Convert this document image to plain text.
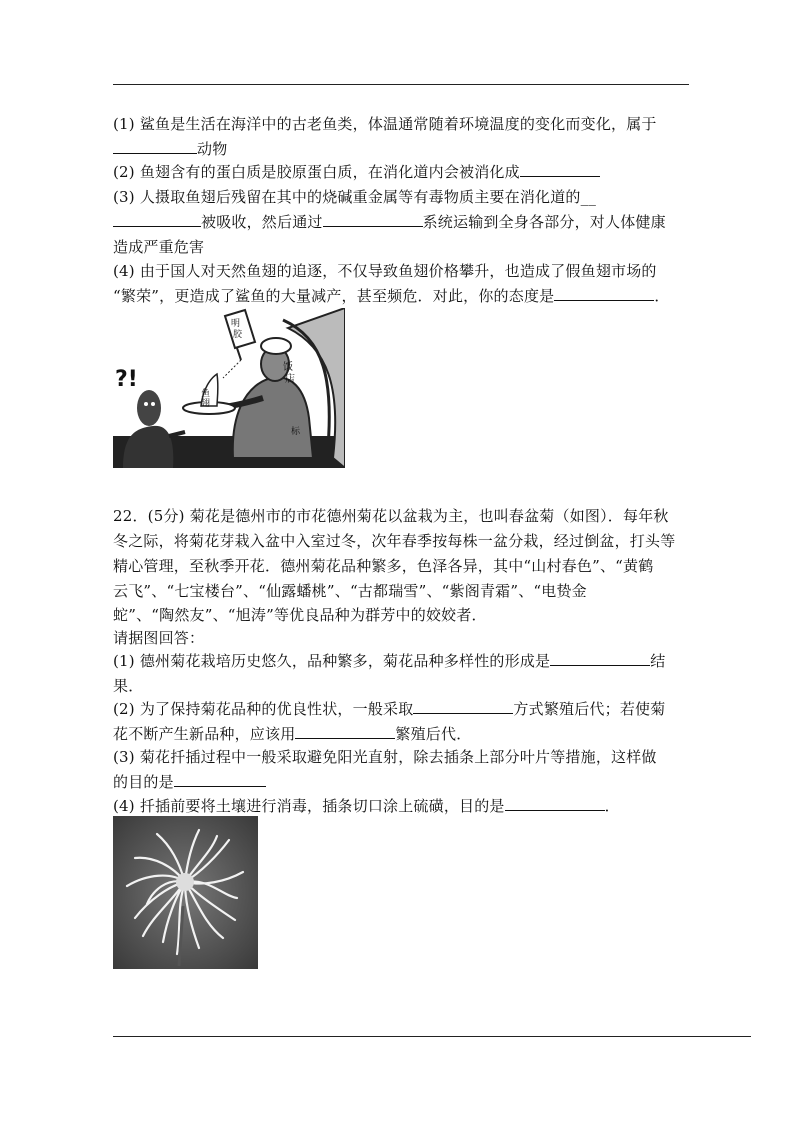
(1) 鲨鱼是生活在海洋中的古老鱼类，体温通常随着环境温度的变化而变化，属于
动物
(2) 鱼翅含有的蛋白质是胶原蛋白质，在消化道内会被消化成
(3) 人摄取鱼翅后残留在其中的烧碱重金属等有毒物质主要在消化道的__
被吸收，然后通过	系统运输到全身各部分，对人体健康
造成严重危害
(4) 由于国人对天然鱼翅的追逐，不仅导致鱼翅价格攀升，也造成了假鱼翅市场的
“繁荣”，更造成了鲨鱼的大量减产，甚至频危．对此，你的态度是	．
?!
鱼翅
明胶
饭店
标
22．(5分) 菊花是德州市的市花德州菊花以盆栽为主，也叫春盆菊（如图）．每年秋
冬之际，将菊花芽栽入盆中入室过冬，次年春季按每株一盆分栽，经过倒盆，打头等
精心管理，至秋季开花．德州菊花品种繁多，色泽各异，其中“山村春色”、“黄鹤
云飞”、“七宝楼台”、“仙露蟠桃”、“古都瑞雪”、“紫阁青霜”、“电贽金
蛇”、“陶然友”、“旭涛”等优良品种为群芳中的姣姣者．
请据图回答：
(1) 德州菊花栽培历史悠久，品种繁多，菊花品种多样性的形成是	结
果．
(2) 为了保持菊花品种的优良性状，一般采取	方式繁殖后代；若使菊
花不断产生新品种，应该用	繁殖后代．
(3) 菊花扦插过程中一般采取避免阳光直射，除去插条上部分叶片等措施，这样做
的目的是
(4) 扦插前要将土壤进行消毒，插条切口涂上硫磺，目的是	．
